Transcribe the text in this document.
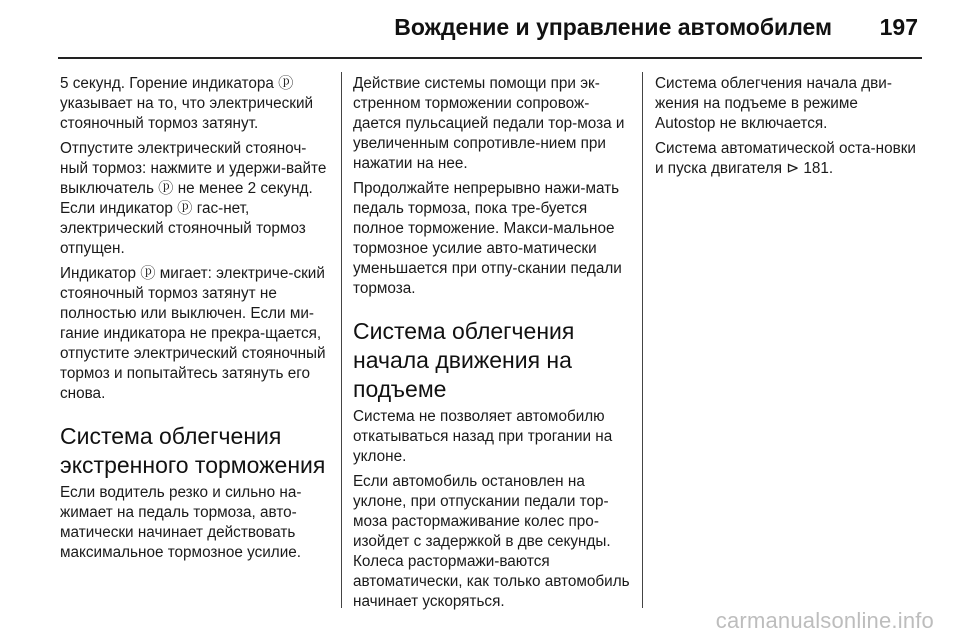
Вождение и управление автомобилем 197

5 секунд. Горение индикатора ⓟ указывает на то, что электрический стояночный тормоз затянут.

Отпустите электрический стояноч-ный тормоз: нажмите и удержи-вайте выключатель ⓟ не менее 2 секунд. Если индикатор ⓟ гас-нет, электрический стояночный тормоз отпущен.

Индикатор ⓟ мигает: электриче-ский стояночный тормоз затянут не полностью или выключен. Если ми-гание индикатора не прекра-щается, отпустите электрический стояночный тормоз и попытайтесь затянуть его снова.

Система облегчения экстренного торможения

Если водитель резко и сильно на-жимает на педаль тормоза, авто-матически начинает действовать максимальное тормозное усилие.

Действие системы помощи при эк-стренном торможении сопровож-дается пульсацией педали тор-моза и увеличенным сопротивле-нием при нажатии на нее.

Продолжайте непрерывно нажи-мать педаль тормоза, пока тре-буется полное торможение. Макси-мальное тормозное усилие авто-матически уменьшается при отпу-скании педали тормоза.

Система облегчения начала движения на подъеме

Система не позволяет автомобилю откатываться назад при трогании на уклоне.

Если автомобиль остановлен на уклоне, при отпускании педали тор-моза растормаживание колес про-изойдет с задержкой в две секунды. Колеса растормажи-ваются автоматически, как только автомобиль начинает ускоряться.

Система облегчения начала дви-жения на подъеме в режиме Autostop не включается.

Система автоматической оста-новки и пуска двигателя ⊳ 181.

carmanualsonline.info
